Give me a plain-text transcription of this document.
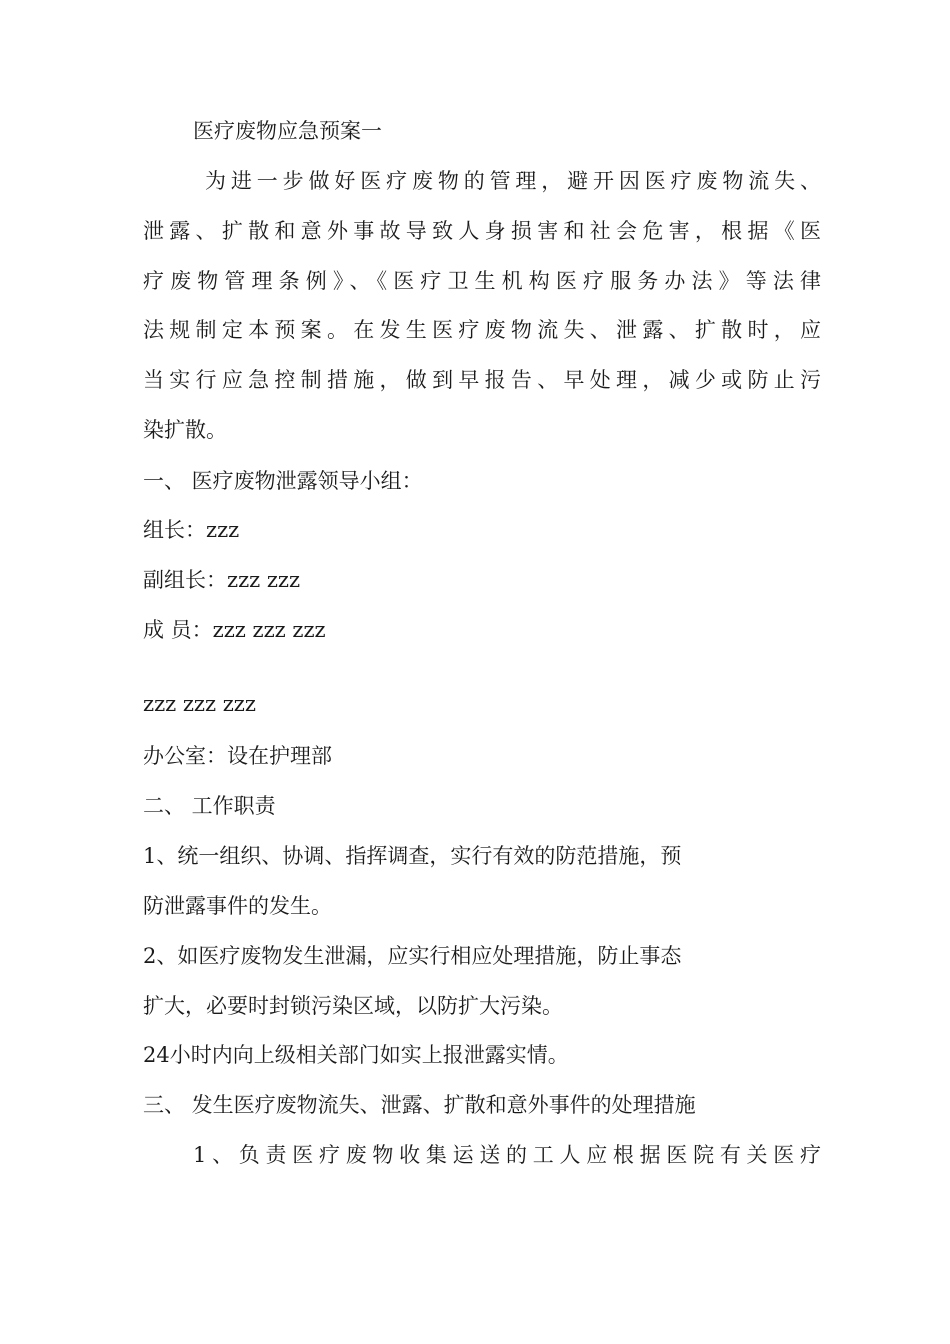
医疗废物应急预案一
为进一步做好医疗废物的管理，避开因医疗废物流失、
泄露、扩散和意外事故导致人身损害和社会危害，根据《医
疗废物管理条例》、《医疗卫生机构医疗服务办法》等法律
法规制定本预案。在发生医疗废物流失、泄露、扩散时，应
当实行应急控制措施，做到早报告、早处理，减少或防止污
染扩散。
一、 医疗废物泄露领导小组：
组长：zzz
副组长：zzz zzz
成 员：zzz zzz zzz
zzz zzz zzz
办公室：设在护理部
二、 工作职责
1、统一组织、协调、指挥调查，实行有效的防范措施，预
防泄露事件的发生。
2、如医疗废物发生泄漏，应实行相应处理措施，防止事态
扩大，必要时封锁污染区域，以防扩大污染。
24小时内向上级相关部门如实上报泄露实情。
三、 发生医疗废物流失、泄露、扩散和意外事件的处理措施
1、负责医疗废物收集运送的工人应根据医院有关医疗
